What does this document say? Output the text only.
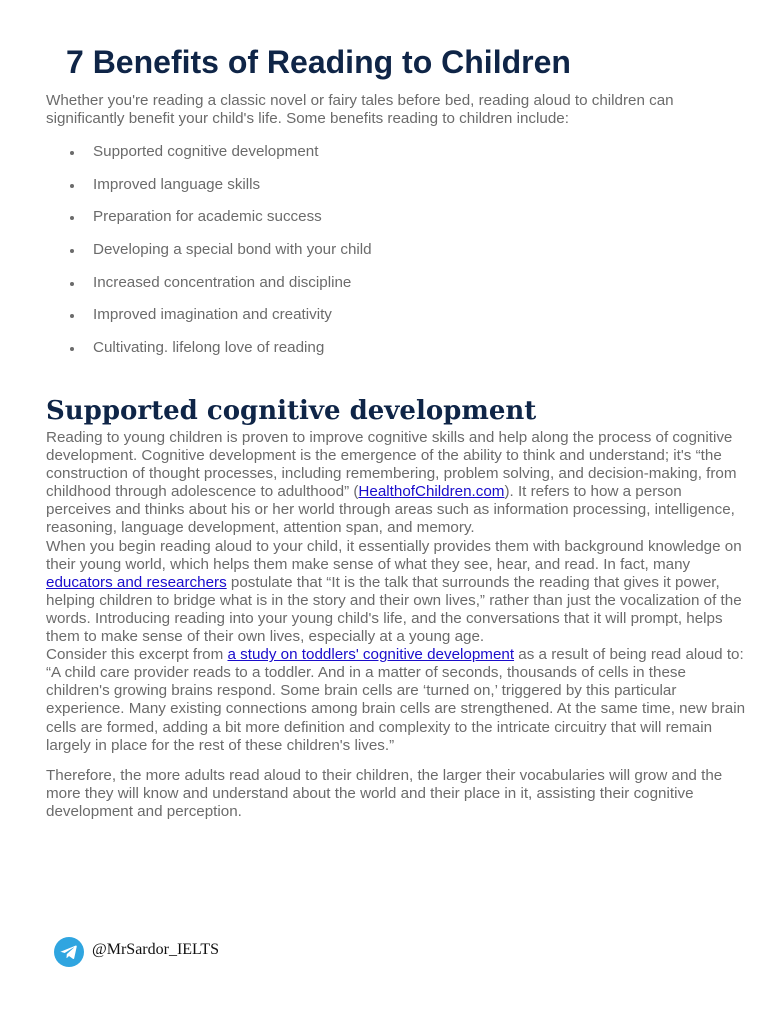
7 Benefits of Reading to Children

Whether you're reading a classic novel or fairy tales before bed, reading aloud to children can significantly benefit your child's life. Some benefits reading to children include:

Supported cognitive development
Improved language skills
Preparation for academic success
Developing a special bond with your child
Increased concentration and discipline
Improved imagination and creativity
Cultivating. lifelong love of reading
Supported cognitive development

Reading to young children is proven to improve cognitive skills and help along the process of cognitive development. Cognitive development is the emergence of the ability to think and understand; it's “the construction of thought processes, including remembering, problem solving, and decision-making, from childhood through adolescence to adulthood” (HealthofChildren.com). It refers to how a person perceives and thinks about his or her world through areas such as information processing, intelligence, reasoning, language development, attention span, and memory.

When you begin reading aloud to your child, it essentially provides them with background knowledge on their young world, which helps them make sense of what they see, hear, and read. In fact, many educators and researchers postulate that “It is the talk that surrounds the reading that gives it power, helping children to bridge what is in the story and their own lives,” rather than just the vocalization of the words. Introducing reading into your young child's life, and the conversations that it will prompt, helps them to make sense of their own lives, especially at a young age.

Consider this excerpt from a study on toddlers' cognitive development as a result of being read aloud to:

“A child care provider reads to a toddler. And in a matter of seconds, thousands of cells in these children's growing brains respond. Some brain cells are ‘turned on,’ triggered by this particular experience. Many existing connections among brain cells are strengthened. At the same time, new brain cells are formed, adding a bit more definition and complexity to the intricate circuitry that will remain largely in place for the rest of these children's lives.”

Therefore, the more adults read aloud to their children, the larger their vocabularies will grow and the more they will know and understand about the world and their place in it, assisting their cognitive development and perception.

@MrSardor_IELTS
